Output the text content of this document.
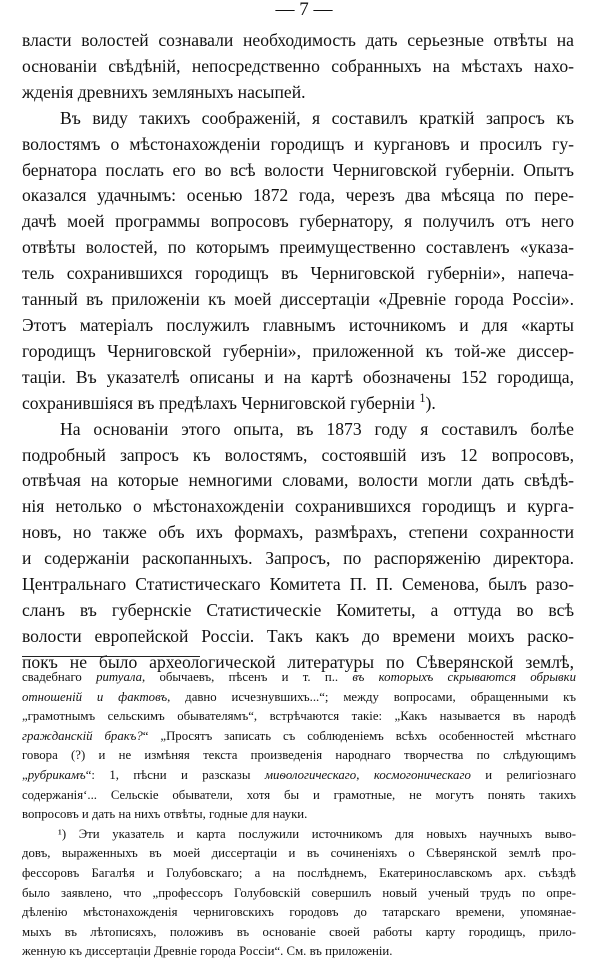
— 7 —

власти волостей сознавали необходимость дать серьезные отвѣты на

основаніи свѣдѣній, непосредственно собранныхъ на мѣстахъ нахо-

жденія древнихъ земляныхъ насыпей.

Въ виду такихъ соображеній, я составилъ краткій запросъ къ

волостямъ о мѣстонахожденіи городищъ и кургановъ и просилъ гу-

бернатора послать его во всѣ волости Черниговской губерніи. Опытъ

оказался удачнымъ: осенью 1872 года, черезъ два мѣсяца по пере-

дачѣ моей программы вопросовъ губернатору, я получилъ отъ него

отвѣты волостей, по которымъ преимущественно составленъ «указа-

тель сохранившихся городищъ въ Черниговской губерніи», напеча-

танный въ приложеніи къ моей диссертаціи «Древніе города Россіи».

Этотъ матеріалъ послужилъ главнымъ источникомъ и для «карты

городищъ Черниговской губерніи», приложенной къ той-же диссер-

таціи. Въ указателѣ описаны и на картѣ обозначены 152 городища,

сохранившіяся въ предѣлахъ Черниговской губерніи $^1$).

На основаніи этого опыта, въ 1873 году я составилъ болѣе

подробный запросъ къ волостямъ, состоявшій изъ 12 вопросовъ,

отвѣчая на которые немногими словами, волости могли дать свѣдѣ-

нія нетолько о мѣстонахожденіи сохранившихся городищъ и курга-

новъ, но также объ ихъ формахъ, размѣрахъ, степени сохранности

и содержаніи раскопанныхъ. Запросъ, по распоряженію директора.

Центральнаго Статистическаго Комитета П. П. Семенова, былъ разо-

сланъ въ губернскіе Статистическіе Комитеты, а оттуда во всѣ

волости европейской Россіи. Такъ какъ до времени моихъ раско-

покъ не было археологической литературы по Сѣверянской землѣ,

свадебнаго ритуала, обычаевъ, пѣсенъ и т. п.. въ которыхъ скрываются обрывки

отношеній и фактовъ, давно исчезнувшихъ...“; между вопросами, обращенными къ

„грамотнымъ сельскимъ обывателямъ“, встрѣчаются такіе: „Какъ называется въ народѣ

гражданскій бракъ?“ „Просятъ записать съ соблюденіемъ всѣхъ особенностей мѣстнаго

говора (?) и не измѣняя текста произведенія народнаго творчества по слѣдующимъ

„рубрикамъ“: 1, пѣсни и разсказы миѳологическаго, космогоническаго и религіознаго

содержанія‘... Сельскіе обыватели, хотя бы и грамотные, не могутъ понять такихъ

вопросовъ и дать на нихъ отвѣты, годные для науки.

¹) Эти указатель и карта послужили источникомъ для новыхъ научныхъ выво-

довъ, выраженныхъ въ моей диссертаціи и въ сочиненіяхъ о Сѣверянской землѣ про-

фессоровъ Багалѣя и Голубовскаго; а на послѣднемъ, Екатеринославскомъ арх. съѣздѣ

было заявлено, что „профессоръ Голубовскій совершилъ новый ученый трудъ по опре-

дѣленію мѣстонахожденія черниговскихъ городовъ до татарскаго времени, упомянае-

мыхъ въ лѣтописяхъ, положивъ въ основаніе своей работы карту городищъ, прило-

женную къ диссертаціи Древніе города Россіи“. См. въ приложеніи.
